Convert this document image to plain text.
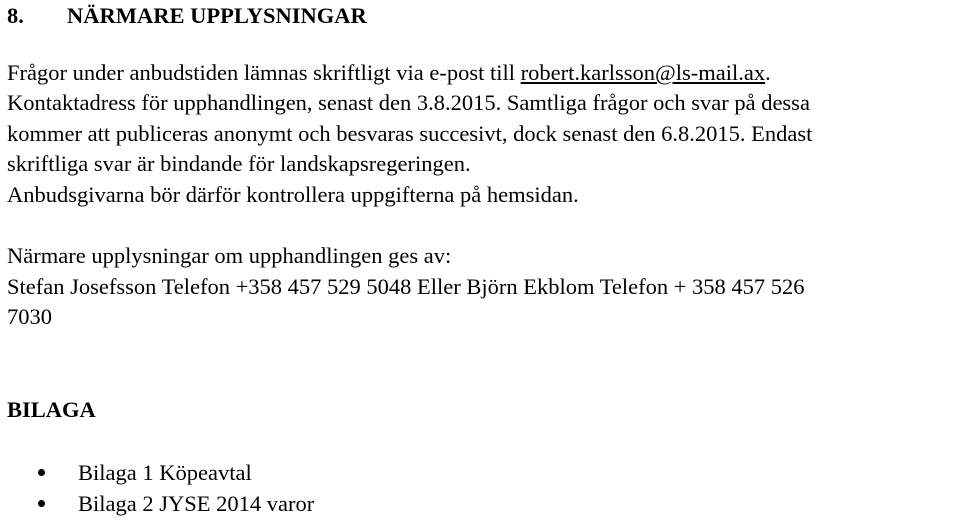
8. NÄRMARE UPPLYSNINGAR
Frågor under anbudstiden lämnas skriftligt via e-post till robert.karlsson@ls-mail.ax.
Kontaktadress för upphandlingen, senast den 3.8.2015. Samtliga frågor och svar på dessa
kommer att publiceras anonymt och besvaras succesivt, dock senast den 6.8.2015. Endast
skriftliga svar är bindande för landskapsregeringen.
Anbudsgivarna bör därför kontrollera uppgifterna på hemsidan.
Närmare upplysningar om upphandlingen ges av:
Stefan Josefsson Telefon +358 457 529 5048 Eller Björn Ekblom Telefon + 358 457 526
7030
BILAGA
Bilaga 1 Köpeavtal
Bilaga 2 JYSE 2014 varor
